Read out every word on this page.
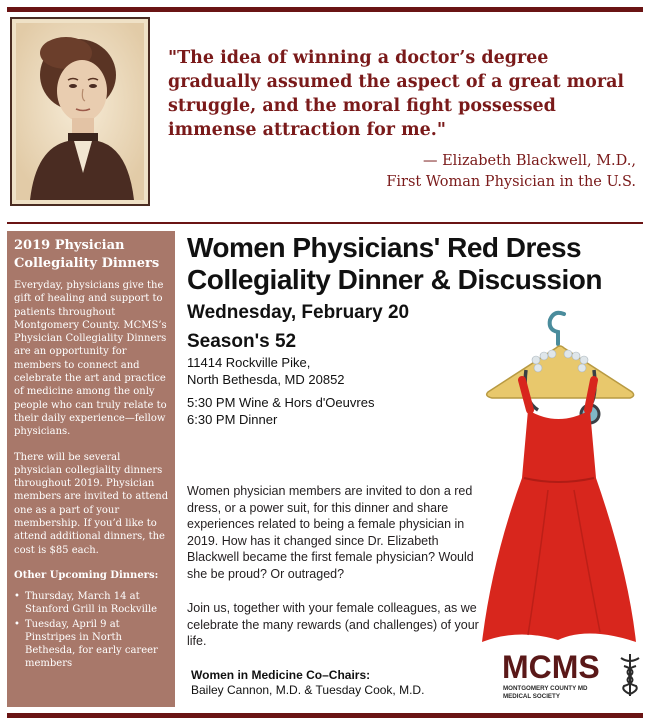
"The idea of winning a doctor’s degree gradually assumed the aspect of a great moral struggle, and the moral fight possessed immense attraction for me."
— Elizabeth Blackwell, M.D.,
First Woman Physician in the U.S.
2019 Physician Collegiality Dinners

Everyday, physicians give the gift of healing and support to patients throughout Montgomery County. MCMS’s Physician Collegiality Dinners are an opportunity for members to connect and celebrate the art and practice of medicine among the only people who can truly relate to their daily experience—fellow physicians.

There will be several physician collegiality dinners throughout 2019. Physician members are invited to attend one as a part of your membership. If you’d like to attend additional dinners, the cost is $85 each.

Other Upcoming Dinners:
• Thursday, March 14 at Stanford Grill in Rockville
• Tuesday, April 9 at Pinstripes in North Bethesda, for early career members
Women Physicians' Red Dress Collegiality Dinner & Discussion
Wednesday, February 20
Season's 52
11414 Rockville Pike,
North Bethesda, MD 20852
5:30 PM Wine & Hors d'Oeuvres
6:30 PM Dinner

Women physician members are invited to don a red dress, or a power suit, for this dinner and share experiences related to being a female physician in 2019. How has it changed since Dr. Elizabeth Blackwell became the first female physician? Would she be proud? Or outraged?

Join us, together with your female colleagues, as we celebrate the many rewards (and challenges) of your life.

Women in Medicine Co–Chairs:
Bailey Cannon, M.D. & Tuesday Cook, M.D.
MCMS
MONTGOMERY COUNTY MD
MEDICAL SOCIETY
